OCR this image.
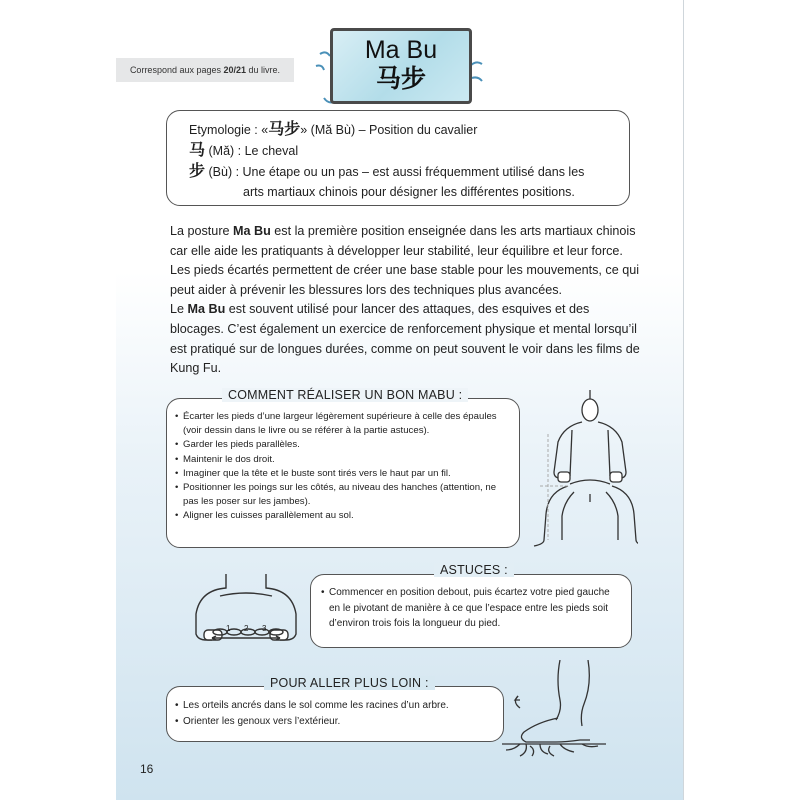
Correspond aux pages 20/21 du livre.
Ma Bu
马步
Etymologie : «马步» (Mă Bù) – Position du cavalier
马 (Mă) : Le cheval
步 (Bù) : Une étape ou un pas – est aussi fréquemment utilisé dans les
arts martiaux chinois pour désigner les différentes positions.
La posture Ma Bu est la première position enseignée dans les arts martiaux chinois car elle aide les pratiquants à développer leur stabilité, leur équilibre et leur force. Les pieds écartés permettent de créer une base stable pour les mouvements, ce qui peut aider à prévenir les blessures lors des techniques plus avancées.
Le Ma Bu est souvent utilisé pour lancer des attaques, des esquives et des blocages. C’est également un exercice de renforcement physique et mental lorsqu’il est pratiqué sur de longues durées, comme on peut souvent le voir dans les films de Kung Fu.
• Écarter les pieds d’une largeur légèrement supérieure à celle des épaules (voir dessin dans le livre ou se référer à la partie astuces).
• Garder les pieds parallèles.
• Maintenir le dos droit.
• Imaginer que la tête et le buste sont tirés vers le haut par un fil.
• Positionner les poings sur les côtés, au niveau des hanches (attention, ne pas les poser sur les jambes).
• Aligner les cuisses parallèlement au sol.
COMMENT RÉALISER UN BON MABU :
• Commencer en position debout, puis écartez votre pied gauche en le pivotant de manière à ce que l’espace entre les pieds soit d’environ trois fois la longueur du pied.
ASTUCES :
1 2 3
• Les orteils ancrés dans le sol comme les racines d’un arbre.
• Orienter les genoux vers l’extérieur.
POUR ALLER PLUS LOIN :
16
